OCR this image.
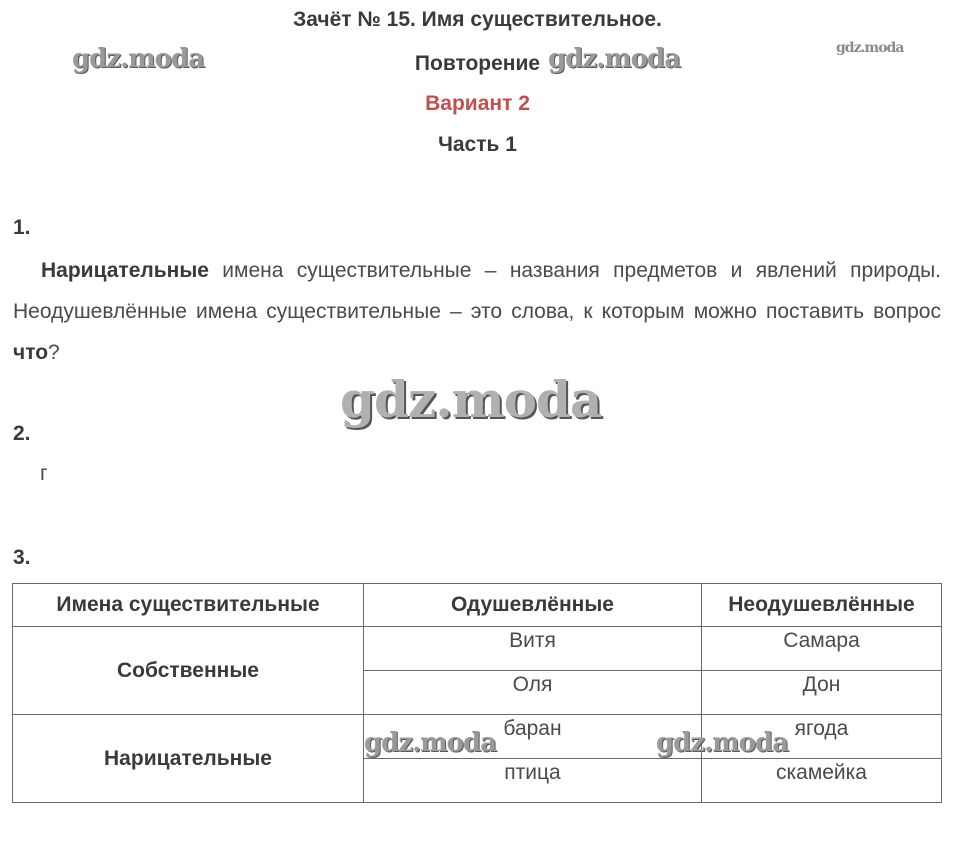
Зачёт № 15. Имя существительное.
Повторение
Вариант 2
Часть 1
1.
Нарицательные имена существительные – названия предметов и явлений природы. Неодушевлённые имена существительные – это слова, к которым можно поставить вопрос что?
2.
г
3.
Имена существительные	Одушевлённые	Неодушевлённые
Собственные	Витя	Самара
	Оля	Дон
Нарицательные	баран	ягода
	птица	скамейка
gdz.moda	gdz.moda	gdz.moda
gdz.moda
gdz.moda	gdz.moda
